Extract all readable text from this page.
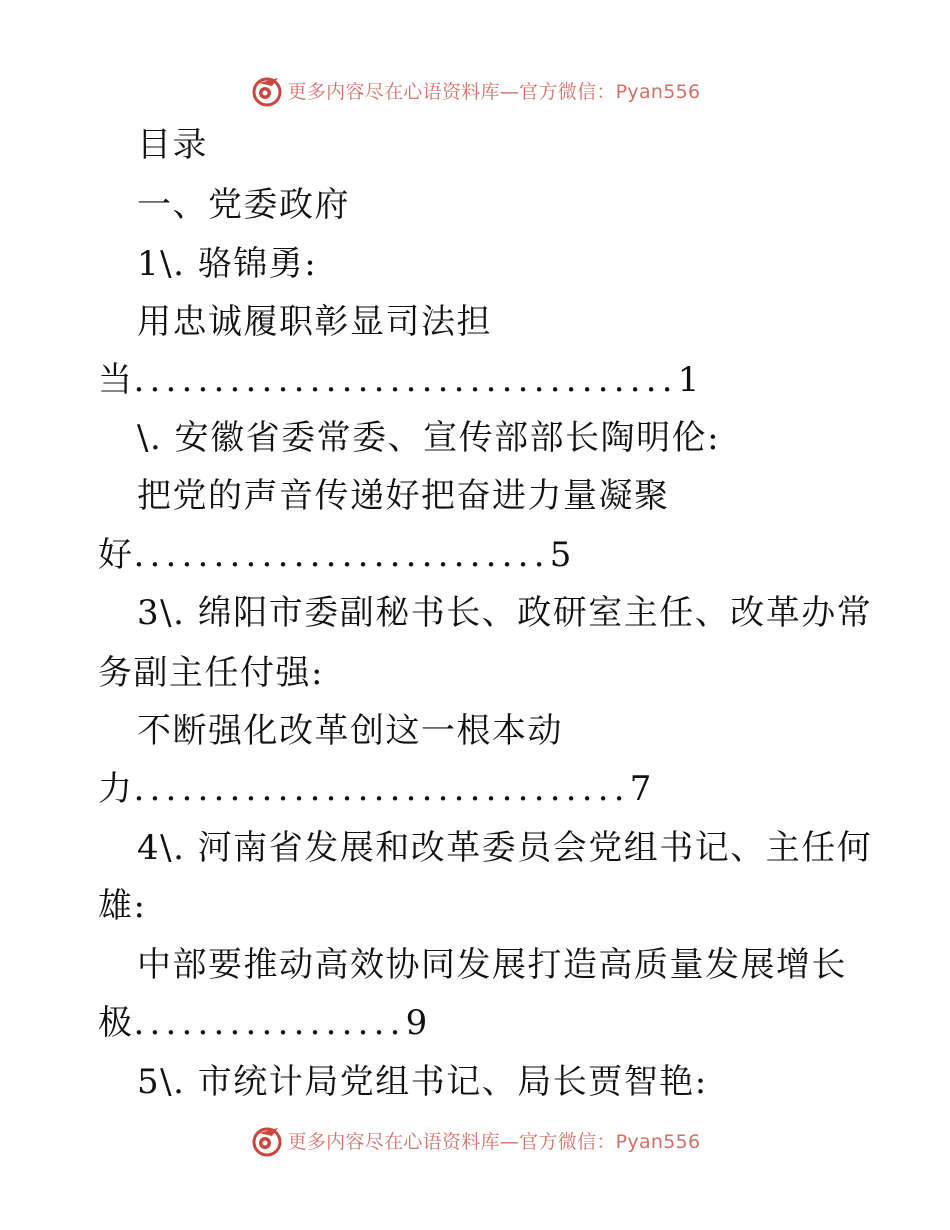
更多内容尽在心语资料库—官方微信：Pyan556
目录
一、党委政府
1\. 骆锦勇:
用忠诚履职彰显司法担
当..................................1
\. 安徽省委常委、宣传部部长陶明伦:
把党的声音传递好把奋进力量凝聚
好..........................5
3\. 绵阳市委副秘书长、政研室主任、改革办常
务副主任付强:
不断强化改革创这一根本动
力...............................7
4\. 河南省发展和改革委员会党组书记、主任何
雄:
中部要推动高效协同发展打造高质量发展增长
极.................9
5\. 市统计局党组书记、局长贾智艳:
更多内容尽在心语资料库—官方微信：Pyan556
